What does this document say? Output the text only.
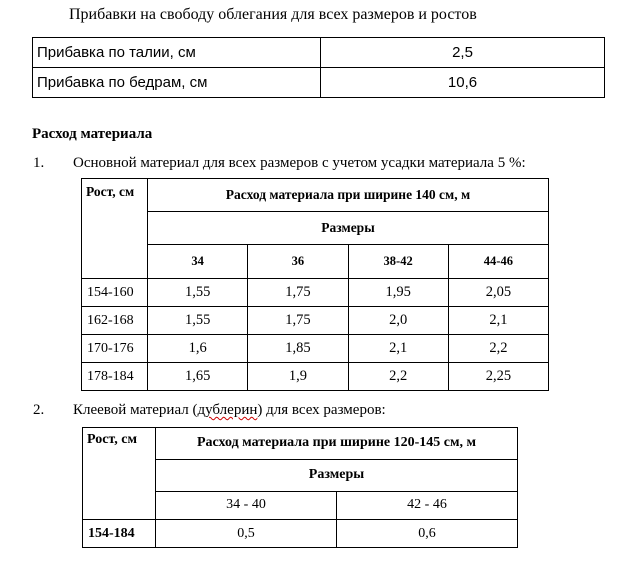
Прибавки на свободу облегания для всех размеров и ростов
Прибавка по талии, см	2,5
Прибавка по бедрам, см	10,6
Расход материала
1. Основной материал для всех размеров с учетом усадки материала 5 %:
Рост, см	Расход материала при ширине 140 см, м			
	Размеры			
	34	36	38-42	44-46
154-160	1,55	1,75	1,95	2,05
162-168	1,55	1,75	2,0	2,1
170-176	1,6	1,85	2,1	2,2
178-184	1,65	1,9	2,2	2,25
2. Клеевой материал (дублерин) для всех размеров:
Рост, см	Расход материала при ширине 120-145 см, м	
	Размеры	
	34 - 40	42 - 46
154-184	0,5	0,6
